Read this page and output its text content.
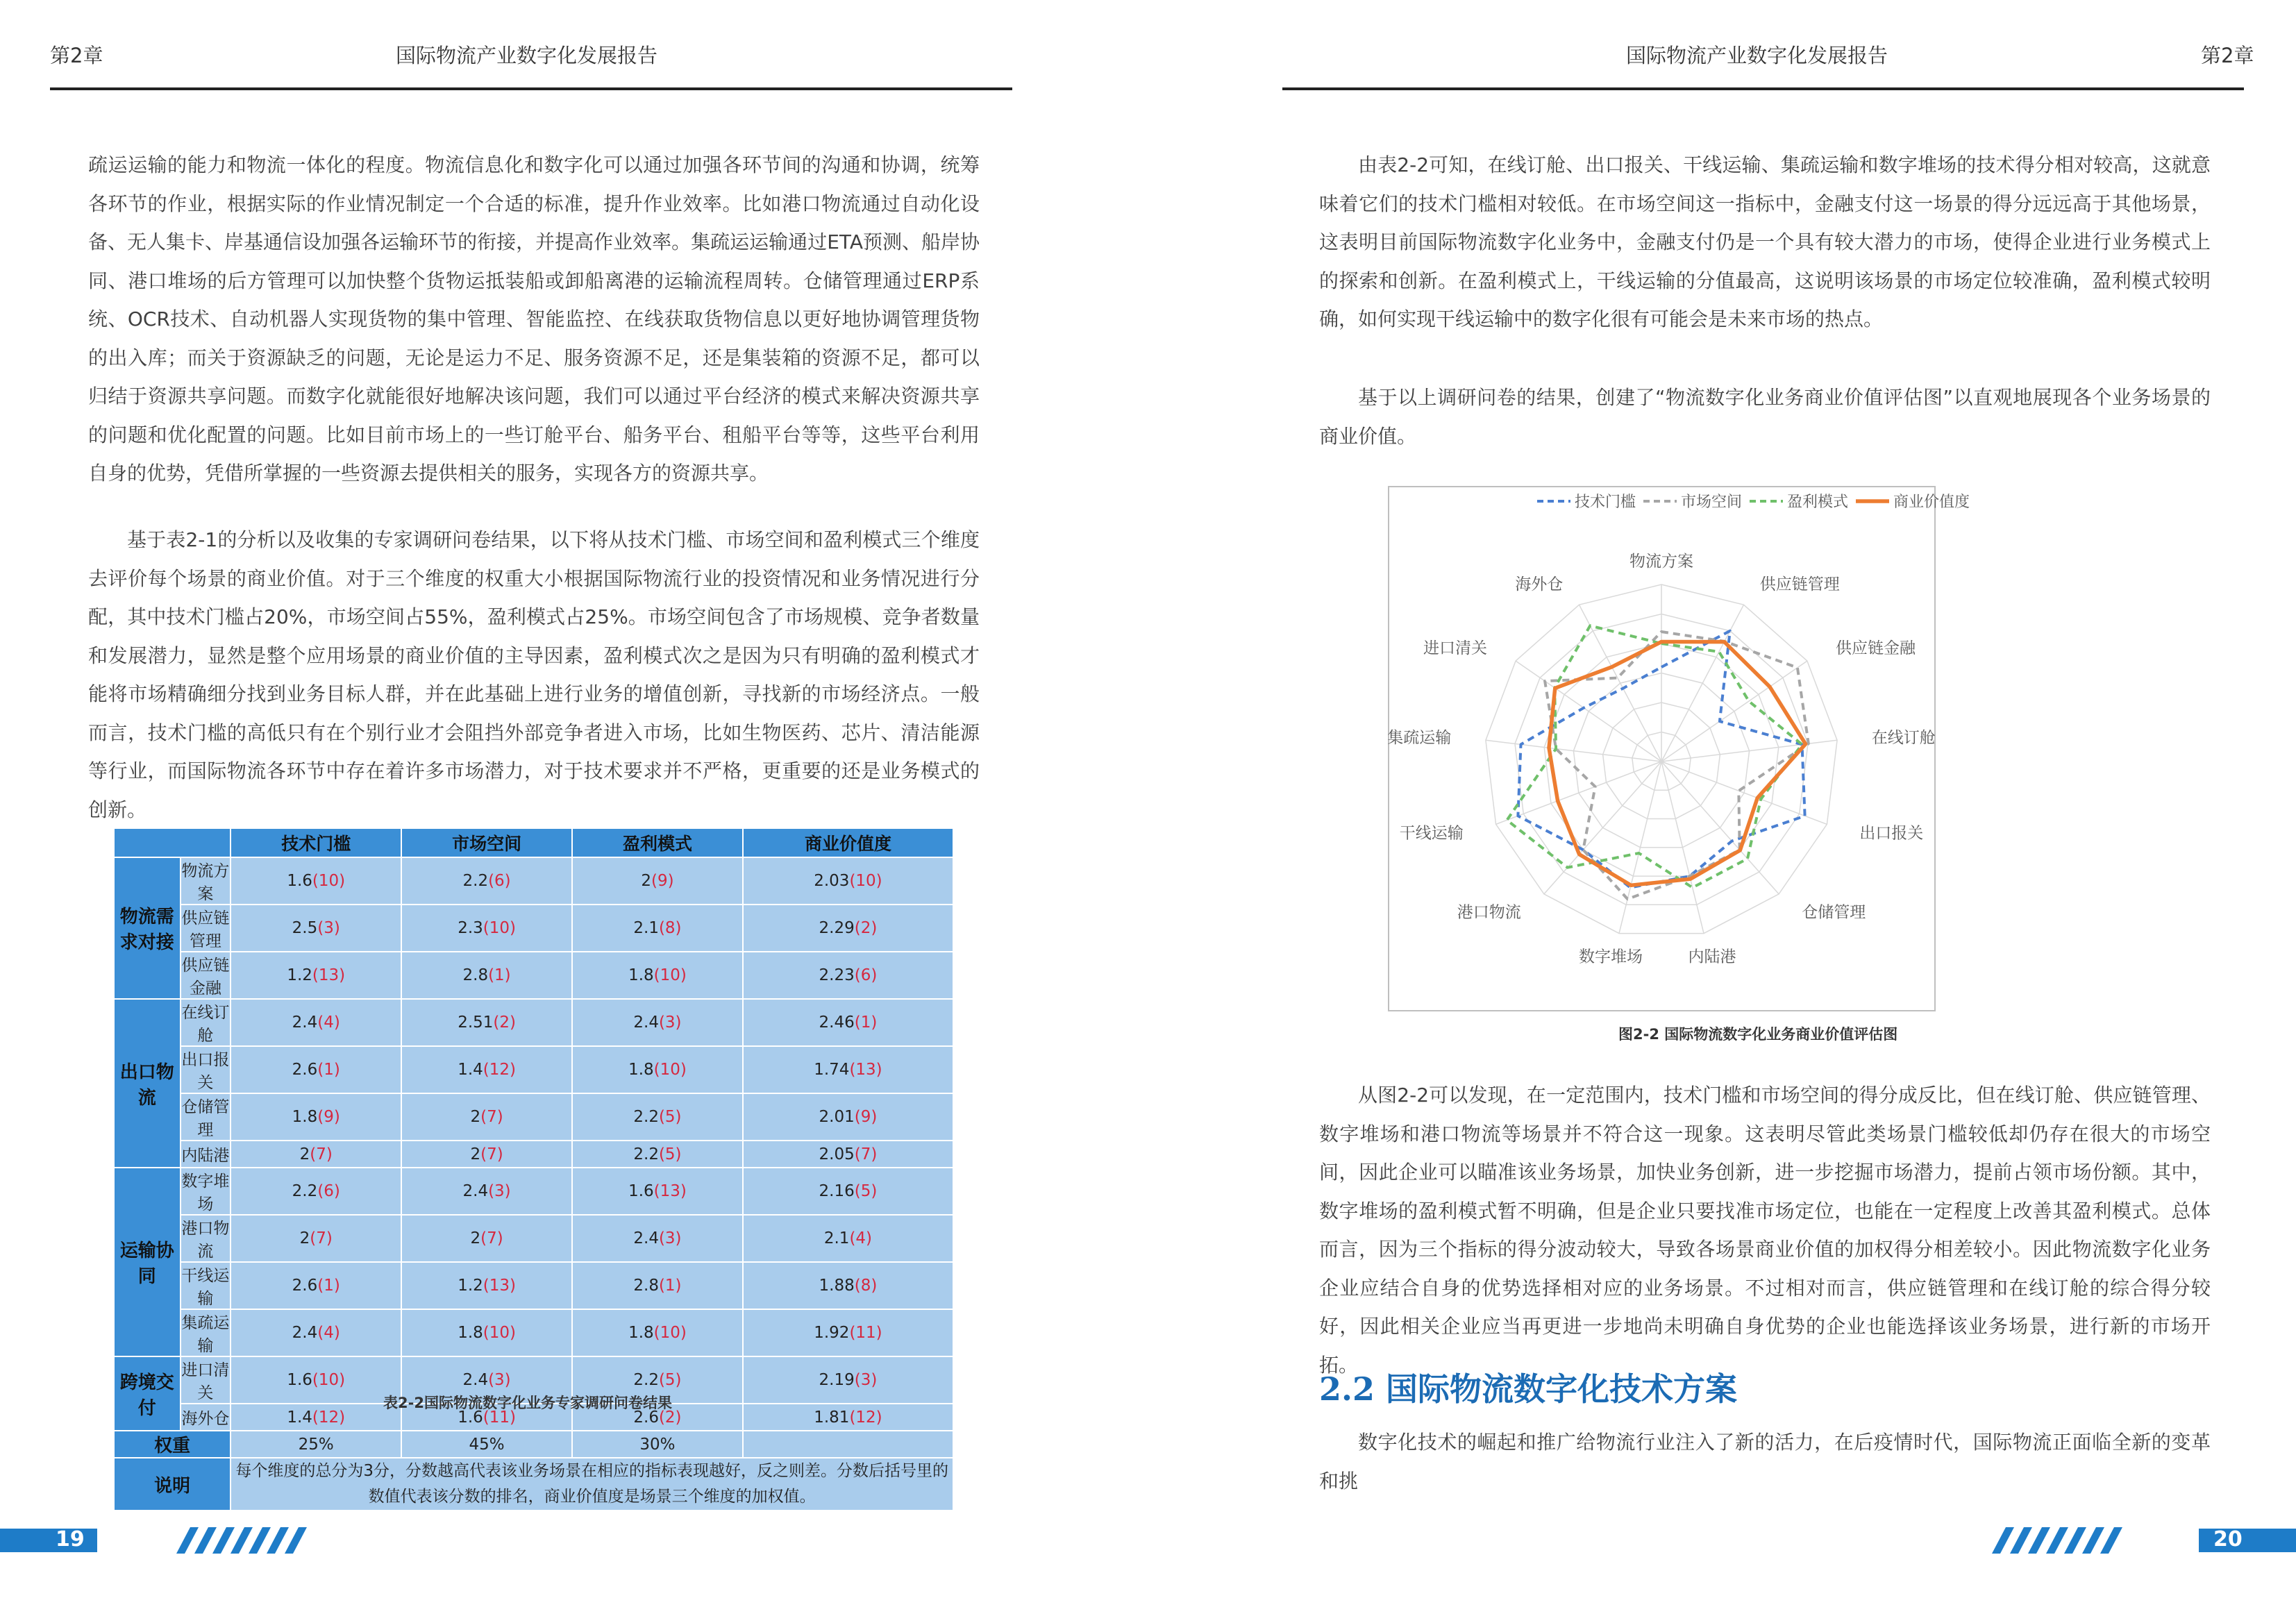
第2章	国际物流产业数字化发展报告

疏运运输的能力和物流一体化的程度。物流信息化和数字化可以通过加强各环节间的沟通和协调，统筹各环节的作业，根据实际的作业情况制定一个合适的标准，提升作业效率。比如港口物流通过自动化设备、无人集卡、岸基通信设加强各运输环节的衔接，并提高作业效率。集疏运运输通过ETA预测、船岸协同、港口堆场的后方管理可以加快整个货物运抵装船或卸船离港的运输流程周转。仓储管理通过ERP系统、OCR技术、自动机器人实现货物的集中管理、智能监控、在线获取货物信息以更好地协调管理货物的出入库；而关于资源缺乏的问题，无论是运力不足、服务资源不足，还是集装箱的资源不足，都可以归结于资源共享问题。而数字化就能很好地解决该问题，我们可以通过平台经济的模式来解决资源共享的问题和优化配置的问题。比如目前市场上的一些订舱平台、船务平台、租船平台等等，这些平台利用自身的优势，凭借所掌握的一些资源去提供相关的服务，实现各方的资源共享。

基于表2-1的分析以及收集的专家调研问卷结果，以下将从技术门槛、市场空间和盈利模式三个维度去评价每个场景的商业价值。对于三个维度的权重大小根据国际物流行业的投资情况和业务情况进行分配，其中技术门槛占20%，市场空间占55%，盈利模式占25%。市场空间包含了市场规模、竞争者数量和发展潜力，显然是整个应用场景的商业价值的主导因素，盈利模式次之是因为只有明确的盈利模式才能将市场精确细分找到业务目标人群，并在此基础上进行业务的增值创新，寻找新的市场经济点。一般而言，技术门槛的高低只有在个别行业才会阻挡外部竞争者进入市场，比如生物医药、芯片、清洁能源等行业，而国际物流各环节中存在着许多市场潜力，对于技术要求并不严格，更重要的还是业务模式的创新。

		技术门槛	市场空间	盈利模式	商业价值度
物流需求对接	物流方案	1.6(10)	2.2(6)	2(9)	2.03(10)
	供应链管理	2.5(3)	2.3(10)	2.1(8)	2.29(2)
	供应链金融	1.2(13)	2.8(1)	1.8(10)	2.23(6)
出口物流	在线订舱	2.4(4)	2.51(2)	2.4(3)	2.46(1)
	出口报关	2.6(1)	1.4(12)	1.8(10)	1.74(13)
	仓储管理	1.8(9)	2(7)	2.2(5)	2.01(9)
	内陆港	2(7)	2(7)	2.2(5)	2.05(7)
运输协同	数字堆场	2.2(6)	2.4(3)	1.6(13)	2.16(5)
	港口物流	2(7)	2(7)	2.4(3)	2.1(4)
	干线运输	2.6(1)	1.2(13)	2.8(1)	1.88(8)
	集疏运输	2.4(4)	1.8(10)	1.8(10)	1.92(11)
跨境交付	进口清关	1.6(10)	2.4(3)	2.2(5)	2.19(3)
	海外仓	1.4(12)	1.6(11)	2.6(2)	1.81(12)
权重		25%	45%	30%	
说明		每个维度的总分为3分，分数越高代表该业务场景在相应的指标表现越好，反之则差。分数后括号里的数值代表该分数的排名，商业价值度是场景三个维度的加权值。			
表2-2国际物流数字化业务专家调研问卷结果
19
国际物流产业数字化发展报告	第2章

由表2-2可知，在线订舱、出口报关、干线运输、集疏运输和数字堆场的技术得分相对较高，这就意味着它们的技术门槛相对较低。在市场空间这一指标中，金融支付这一场景的得分远远高于其他场景，这表明目前国际物流数字化业务中，金融支付仍是一个具有较大潜力的市场，使得企业进行业务模式上的探索和创新。在盈利模式上，干线运输的分值最高，这说明该场景的市场定位较准确，盈利模式较明确，如何实现干线运输中的数字化很有可能会是未来市场的热点。

基于以上调研问卷的结果，创建了“物流数字化业务商业价值评估图”以直观地展现各个业务场景的商业价值。

技术门槛	市场空间	盈利模式	商业价值度
物流方案
供应链管理
供应链金融
在线订舱
出口报关
仓储管理
内陆港
数字堆场
港口物流
干线运输
集疏运输
进口清关
海外仓
图2-2 国际物流数字化业务商业价值评估图

从图2-2可以发现，在一定范围内，技术门槛和市场空间的得分成反比，但在线订舱、供应链管理、数字堆场和港口物流等场景并不符合这一现象。这表明尽管此类场景门槛较低却仍存在很大的市场空间，因此企业可以瞄准该业务场景，加快业务创新，进一步挖掘市场潜力，提前占领市场份额。其中，数字堆场的盈利模式暂不明确，但是企业只要找准市场定位，也能在一定程度上改善其盈利模式。总体而言，因为三个指标的得分波动较大，导致各场景商业价值的加权得分相差较小。因此物流数字化业务企业应结合自身的优势选择相对应的业务场景。不过相对而言，供应链管理和在线订舱的综合得分较好，因此相关企业应当再更进一步地尚未明确自身优势的企业也能选择该业务场景，进行新的市场开拓。

2.2 国际物流数字化技术方案

数字化技术的崛起和推广给物流行业注入了新的活力，在后疫情时代，国际物流正面临全新的变革和挑

20
